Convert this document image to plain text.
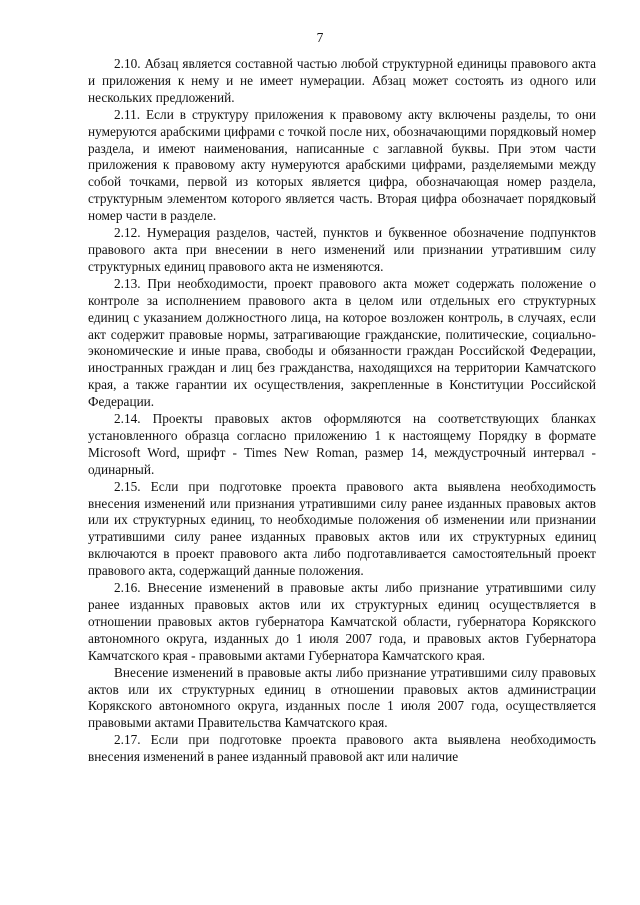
7

2.10. Абзац является составной частью любой структурной единицы правового акта и приложения к нему и не имеет нумерации. Абзац может состоять из одного или нескольких предложений.

2.11. Если в структуру приложения к правовому акту включены разделы, то они нумеруются арабскими цифрами с точкой после них, обозначающими порядковый номер раздела, и имеют наименования, написанные с заглавной буквы. При этом части приложения к правовому акту нумеруются арабскими цифрами, разделяемыми между собой точками, первой из которых является цифра, обозначающая номер раздела, структурным элементом которого является часть. Вторая цифра обозначает порядковый номер части в разделе.

2.12. Нумерация разделов, частей, пунктов и буквенное обозначение подпунктов правового акта при внесении в него изменений или признании утратившим силу структурных единиц правового акта не изменяются.

2.13. При необходимости, проект правового акта может содержать положение о контроле за исполнением правового акта в целом или отдельных его структурных единиц с указанием должностного лица, на которое возложен контроль, в случаях, если акт содержит правовые нормы, затрагивающие гражданские, политические, социально-экономические и иные права, свободы и обязанности граждан Российской Федерации, иностранных граждан и лиц без гражданства, находящихся на территории Камчатского края, а также гарантии их осуществления, закрепленные в Конституции Российской Федерации.

2.14. Проекты правовых актов оформляются на соответствующих бланках установленного образца согласно приложению 1 к настоящему Порядку в формате Microsoft Word, шрифт - Times New Roman, размер 14, междустрочный интервал - одинарный.

2.15. Если при подготовке проекта правового акта выявлена необходимость внесения изменений или признания утратившими силу ранее изданных правовых актов или их структурных единиц, то необходимые положения об изменении или признании утратившими силу ранее изданных правовых актов или их структурных единиц включаются в проект правового акта либо подготавливается самостоятельный проект правового акта, содержащий данные положения.

2.16. Внесение изменений в правовые акты либо признание утратившими силу ранее изданных правовых актов или их структурных единиц осуществляется в отношении правовых актов губернатора Камчатской области, губернатора Корякского автономного округа, изданных до 1 июля 2007 года, и правовых актов Губернатора Камчатского края - правовыми актами Губернатора Камчатского края.

Внесение изменений в правовые акты либо признание утратившими силу правовых актов или их структурных единиц в отношении правовых актов администрации Корякского автономного округа, изданных после 1 июля 2007 года, осуществляется правовыми актами Правительства Камчатского края.

2.17. Если при подготовке проекта правового акта выявлена необходимость внесения изменений в ранее изданный правовой акт или наличие
